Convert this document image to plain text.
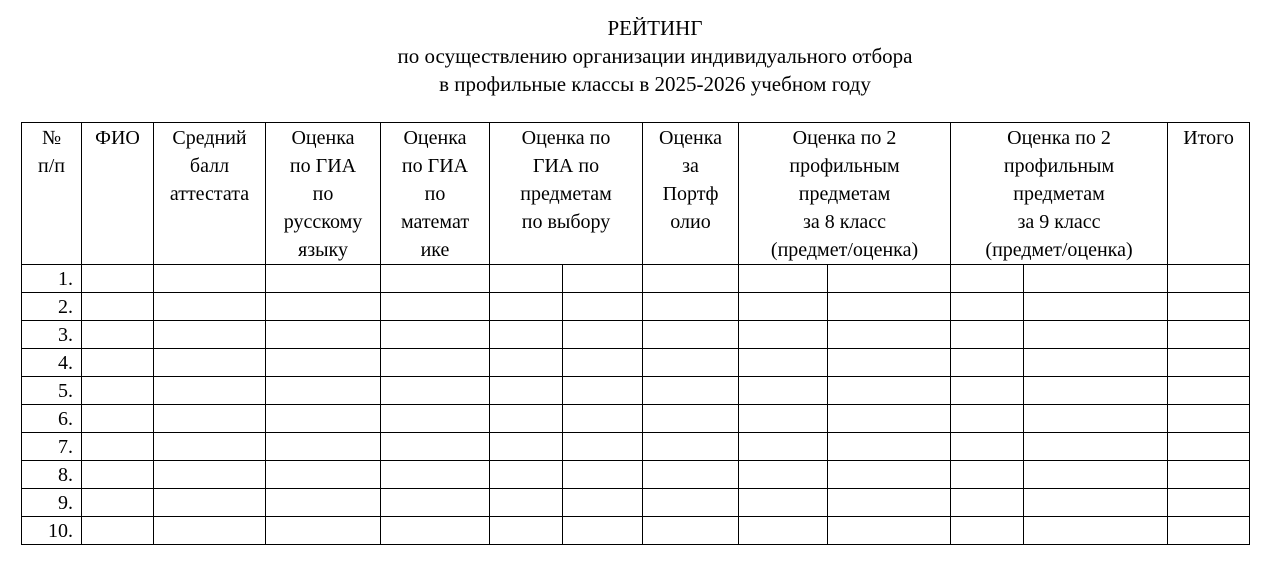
РЕЙТИНГ
по осуществлению организации индивидуального отбора
в профильные классы в 2025-2026 учебном году
№
п/п	ФИО	Средний
балл
аттестата	Оценка
по ГИА
по
русскому
языку	Оценка
по ГИА
по
математ
ике	Оценка по
ГИА по
предметам
по выбору		Оценка
за
Портф
олио	Оценка по 2
профильным
предметам
за 8 класс
(предмет/оценка)		Оценка по 2
профильным
предметам
за 9 класс
(предмет/оценка)		Итого

1.												
2.												
3.												
4.												
5.												
6.												
7.												
8.												
9.												
10.												
